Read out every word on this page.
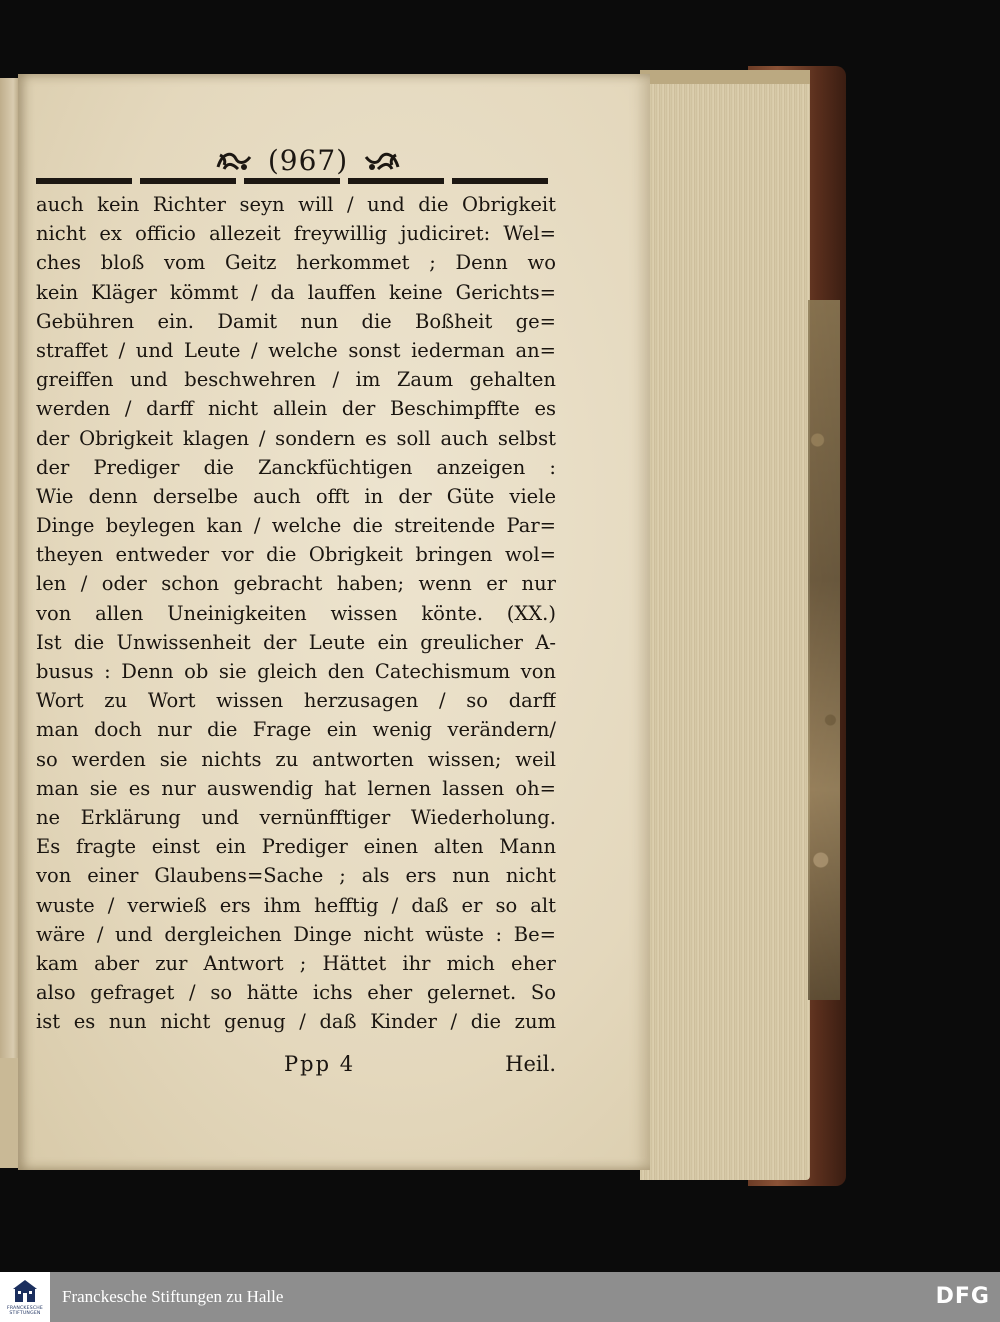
(967)
auch kein Richter seyn will / und die Obrigkeit
nicht ex officio allezeit freywillig judiciret: Wel=
ches bloß vom Geitz herkommet ; Denn wo
kein Kläger kömmt / da lauffen keine Gerichts=
Gebühren ein. Damit nun die Boßheit ge=
straffet / und Leute / welche sonst iederman an=
greiffen und beschwehren / im Zaum gehalten
werden / darff nicht allein der Beschimpffte es
der Obrigkeit klagen / sondern es soll auch selbst
der Prediger die Zanckfüchtigen anzeigen :
Wie denn derselbe auch offt in der Güte viele
Dinge beylegen kan / welche die streitende Par=
theyen entweder vor die Obrigkeit bringen wol=
len / oder schon gebracht haben; wenn er nur
von allen Uneinigkeiten wissen könte. (XX.)
Ist die Unwissenheit der Leute ein greulicher A-
busus : Denn ob sie gleich den Catechismum von
Wort zu Wort wissen herzusagen / so darff
man doch nur die Frage ein wenig verändern/
so werden sie nichts zu antworten wissen; weil
man sie es nur auswendig hat lernen lassen oh=
ne Erklärung und vernünfftiger Wiederholung.
Es fragte einst ein Prediger einen alten Mann
von einer Glaubens=Sache ; als ers nun nicht
wuste / verwieß ers ihm hefftig / daß er so alt
wäre / und dergleichen Dinge nicht wüste : Be=
kam aber zur Antwort ; Hättet ihr mich eher
also gefraget / so hätte ichs eher gelernet. So
ist es nun nicht genug / daß Kinder / die zum
Ppp 4	Heil.
FRANCKESCHE
STIFTUNGEN
Franckesche Stiftungen zu Halle	DFG
